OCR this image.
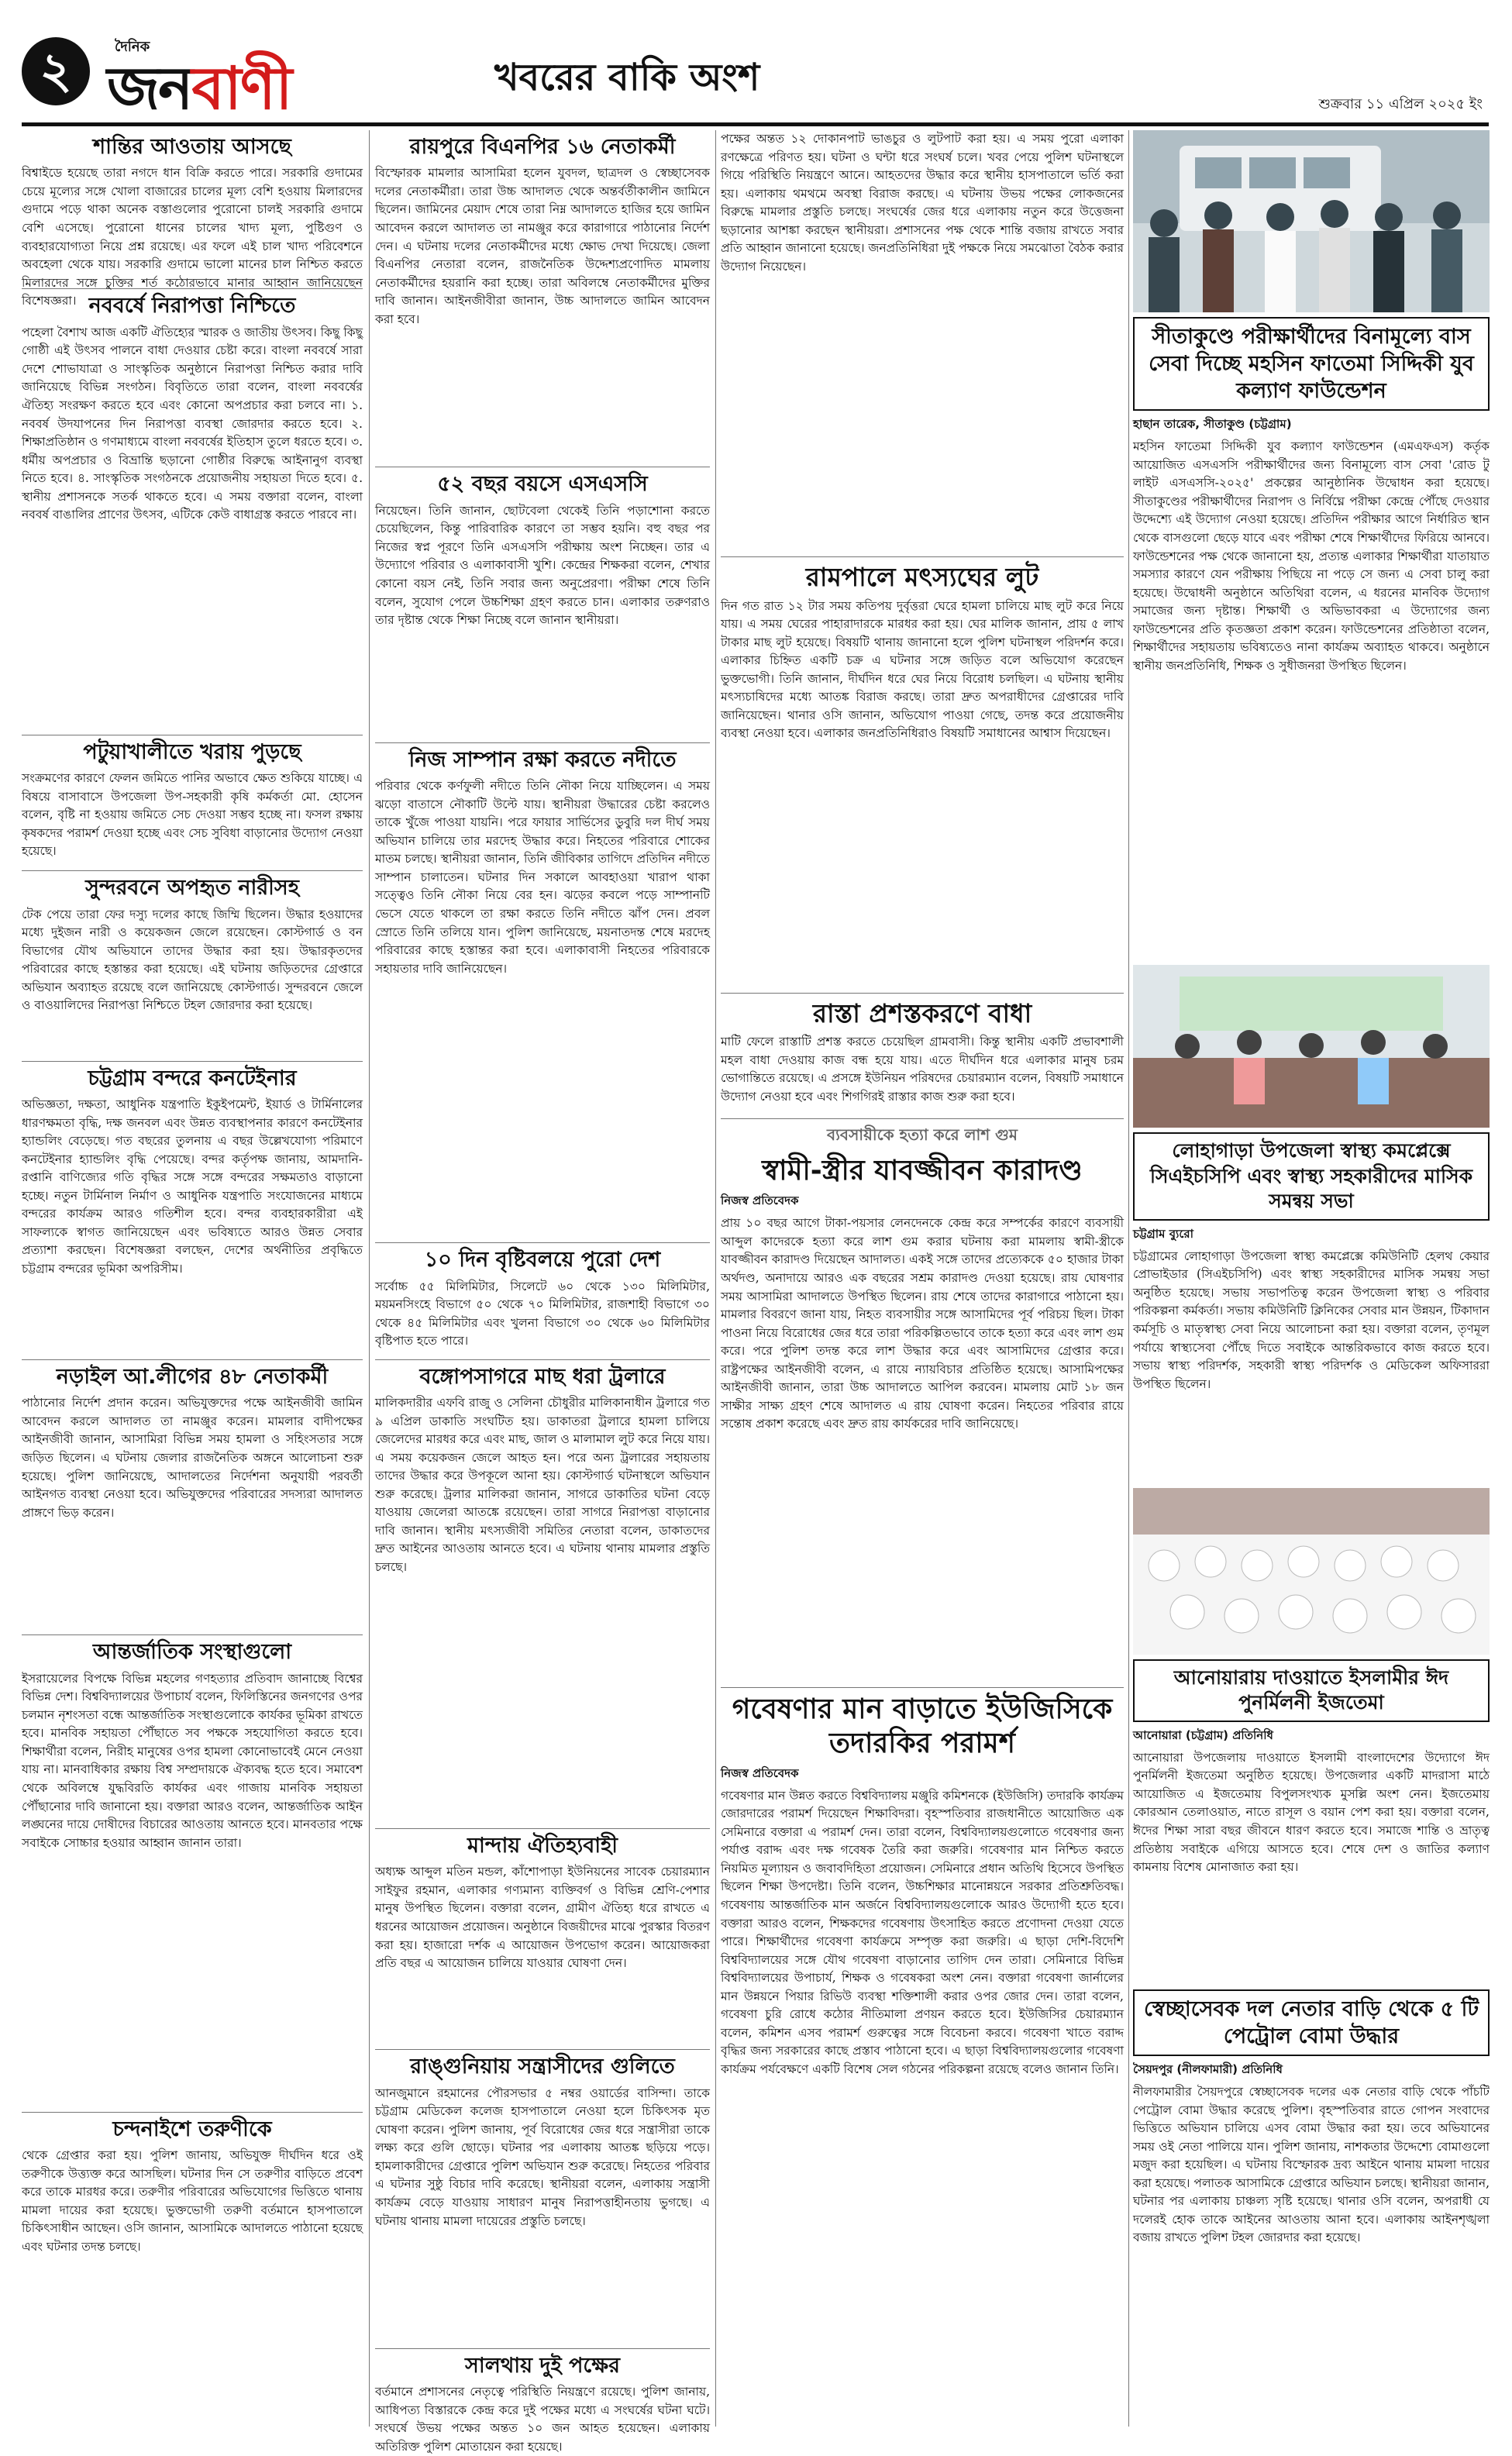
২	দৈনিক
জনবাণী	খবরের বাকি অংশ
শুক্রবার ১১ এপ্রিল ২০২৫ ইং
শান্তির আওতায় আসছে
বিশ্বাইডে হয়েছে তারা নগদে ধান বিক্রি করতে পারে। সরকারি গুদামের চেয়ে মূল্যের সঙ্গে খোলা বাজারের চালের মূল্য বেশি হওয়ায় মিলারদের গুদামে পড়ে থাকা অনেক বস্তাগুলোর পুরোনো চালই সরকারি গুদামে বেশি এসেছে। পুরোনো ধানের চালের খাদ্য মূল্য, পুষ্টিগুণ ও ব্যবহারযোগ্যতা নিয়ে প্রশ্ন রয়েছে। এর ফলে এই চাল খাদ্য পরিবেশনে অবহেলা থেকে যায়। সরকারি গুদামে ভালো মানের চাল নিশ্চিত করতে মিলারদের সঙ্গে চুক্তির শর্ত কঠোরভাবে মানার আহ্বান জানিয়েছেন বিশেষজ্ঞরা। নববর্ষে নিরাপত্তা নিশ্চিতে
পহেলা বৈশাখ আজ একটি ঐতিহ্যের স্মারক ও জাতীয় উৎসব। কিছু কিছু গোষ্ঠী এই উৎসব পালনে বাধা দেওয়ার চেষ্টা করে। বাংলা নববর্ষে সারা দেশে শোভাযাত্রা ও সাংস্কৃতিক অনুষ্ঠানে নিরাপত্তা নিশ্চিত করার দাবি জানিয়েছে বিভিন্ন সংগঠন। বিবৃতিতে তারা বলেন, বাংলা নববর্ষের ঐতিহ্য সংরক্ষণ করতে হবে এবং কোনো অপপ্রচার করা চলবে না। ১. নববর্ষ উদযাপনের দিন নিরাপত্তা ব্যবস্থা জোরদার করতে হবে। ২. শিক্ষাপ্রতিষ্ঠান ও গণমাধ্যমে বাংলা নববর্ষের ইতিহাস তুলে ধরতে হবে। ৩. ধর্মীয় অপপ্রচার ও বিভ্রান্তি ছড়ানো গোষ্ঠীর বিরুদ্ধে আইনানুগ ব্যবস্থা নিতে হবে। ৪. সাংস্কৃতিক সংগঠনকে প্রয়োজনীয় সহায়তা দিতে হবে। ৫. স্থানীয় প্রশাসনকে সতর্ক থাকতে হবে। এ সময় বক্তারা বলেন, বাংলা নববর্ষ বাঙালির প্রাণের উৎসব, এটিকে কেউ বাধাগ্রস্ত করতে পারবে না।
পটুয়াখালীতে খরায় পুড়ছে
সংক্রমণের কারণে ফেলন জমিতে পানির অভাবে ক্ষেত শুকিয়ে যাচ্ছে। এ বিষয়ে বাসাবাসে উপজেলা উপ-সহকারী কৃষি কর্মকর্তা মো. হোসেন বলেন, বৃষ্টি না হওয়ায় জমিতে সেচ দেওয়া সম্ভব হচ্ছে না। ফসল রক্ষায় কৃষকদের পরামর্শ দেওয়া হচ্ছে এবং সেচ সুবিধা বাড়ানোর উদ্যোগ নেওয়া হয়েছে।
সুন্দরবনে অপহৃত নারীসহ
টেক পেয়ে তারা ফের দস্যু দলের কাছে জিম্মি ছিলেন। উদ্ধার হওয়াদের মধ্যে দুইজন নারী ও কয়েকজন জেলে রয়েছেন। কোস্টগার্ড ও বন বিভাগের যৌথ অভিযানে তাদের উদ্ধার করা হয়। উদ্ধারকৃতদের পরিবারের কাছে হস্তান্তর করা হয়েছে। এই ঘটনায় জড়িতদের গ্রেপ্তারে অভিযান অব্যাহত রয়েছে বলে জানিয়েছে কোস্টগার্ড। সুন্দরবনে জেলে ও বাওয়ালিদের নিরাপত্তা নিশ্চিতে টহল জোরদার করা হয়েছে।
চট্টগ্রাম বন্দরে কনটেইনার
অভিজ্ঞতা, দক্ষতা, আধুনিক যন্ত্রপাতি ইকুইপমেন্ট, ইয়ার্ড ও টার্মিনালের ধারণক্ষমতা বৃদ্ধি, দক্ষ জনবল এবং উন্নত ব্যবস্থাপনার কারণে কনটেইনার হ্যান্ডলিং বেড়েছে। গত বছরের তুলনায় এ বছর উল্লেখযোগ্য পরিমাণে কনটেইনার হ্যান্ডলিং বৃদ্ধি পেয়েছে। বন্দর কর্তৃপক্ষ জানায়, আমদানি-রপ্তানি বাণিজ্যের গতি বৃদ্ধির সঙ্গে সঙ্গে বন্দরের সক্ষমতাও বাড়ানো হচ্ছে। নতুন টার্মিনাল নির্মাণ ও আধুনিক যন্ত্রপাতি সংযোজনের মাধ্যমে বন্দরের কার্যক্রম আরও গতিশীল হবে। বন্দর ব্যবহারকারীরা এই সাফল্যকে স্বাগত জানিয়েছেন এবং ভবিষ্যতে আরও উন্নত সেবার প্রত্যাশা করছেন। বিশেষজ্ঞরা বলছেন, দেশের অর্থনীতির প্রবৃদ্ধিতে চট্টগ্রাম বন্দরের ভূমিকা অপরিসীম।
নড়াইল আ.লীগের ৪৮ নেতাকর্মী
পাঠানোর নির্দেশ প্রদান করেন। অভিযুক্তদের পক্ষে আইনজীবী জামিন আবেদন করলে আদালত তা নামঞ্জুর করেন। মামলার বাদীপক্ষের আইনজীবী জানান, আসামিরা বিভিন্ন সময় হামলা ও সহিংসতার সঙ্গে জড়িত ছিলেন। এ ঘটনায় জেলার রাজনৈতিক অঙ্গনে আলোচনা শুরু হয়েছে। পুলিশ জানিয়েছে, আদালতের নির্দেশনা অনুযায়ী পরবর্তী আইনগত ব্যবস্থা নেওয়া হবে। অভিযুক্তদের পরিবারের সদস্যরা আদালত প্রাঙ্গণে ভিড় করেন।
আন্তর্জাতিক সংস্থাগুলো
ইসরায়েলের বিপক্ষে বিভিন্ন মহলের গণহত্যার প্রতিবাদ জানাচ্ছে বিশ্বের বিভিন্ন দেশ। বিশ্ববিদ্যালয়ের উপাচার্য বলেন, ফিলিস্তিনের জনগণের ওপর চলমান নৃশংসতা বন্ধে আন্তর্জাতিক সংস্থাগুলোকে কার্যকর ভূমিকা রাখতে হবে। মানবিক সহায়তা পৌঁছাতে সব পক্ষকে সহযোগিতা করতে হবে। শিক্ষার্থীরা বলেন, নিরীহ মানুষের ওপর হামলা কোনোভাবেই মেনে নেওয়া যায় না। মানবাধিকার রক্ষায় বিশ্ব সম্প্রদায়কে ঐক্যবদ্ধ হতে হবে। সমাবেশ থেকে অবিলম্বে যুদ্ধবিরতি কার্যকর এবং গাজায় মানবিক সহায়তা পৌঁছানোর দাবি জানানো হয়। বক্তারা আরও বলেন, আন্তর্জাতিক আইন লঙ্ঘনের দায়ে দোষীদের বিচারের আওতায় আনতে হবে। মানবতার পক্ষে সবাইকে সোচ্চার হওয়ার আহ্বান জানান তারা।
চন্দনাইশে তরুণীকে
থেকে গ্রেপ্তার করা হয়। পুলিশ জানায়, অভিযুক্ত দীর্ঘদিন ধরে ওই তরুণীকে উত্ত্যক্ত করে আসছিল। ঘটনার দিন সে তরুণীর বাড়িতে প্রবেশ করে তাকে মারধর করে। তরুণীর পরিবারের অভিযোগের ভিত্তিতে থানায় মামলা দায়ের করা হয়েছে। ভুক্তভোগী তরুণী বর্তমানে হাসপাতালে চিকিৎসাধীন আছেন। ওসি জানান, আসামিকে আদালতে পাঠানো হয়েছে এবং ঘটনার তদন্ত চলছে।
রায়পুরে বিএনপির ১৬ নেতাকর্মী
বিস্ফোরক মামলার আসামিরা হলেন যুবদল, ছাত্রদল ও স্বেচ্ছাসেবক দলের নেতাকর্মীরা। তারা উচ্চ আদালত থেকে অন্তর্বর্তীকালীন জামিনে ছিলেন। জামিনের মেয়াদ শেষে তারা নিম্ন আদালতে হাজির হয়ে জামিন আবেদন করলে আদালত তা নামঞ্জুর করে কারাগারে পাঠানোর নির্দেশ দেন। এ ঘটনায় দলের নেতাকর্মীদের মধ্যে ক্ষোভ দেখা দিয়েছে। জেলা বিএনপির নেতারা বলেন, রাজনৈতিক উদ্দেশ্যপ্রণোদিত মামলায় নেতাকর্মীদের হয়রানি করা হচ্ছে। তারা অবিলম্বে নেতাকর্মীদের মুক্তির দাবি জানান। আইনজীবীরা জানান, উচ্চ আদালতে জামিন আবেদন করা হবে।
৫২ বছর বয়সে এসএসসি
নিয়েছেন। তিনি জানান, ছোটবেলা থেকেই তিনি পড়াশোনা করতে চেয়েছিলেন, কিন্তু পারিবারিক কারণে তা সম্ভব হয়নি। বহু বছর পর নিজের স্বপ্ন পূরণে তিনি এসএসসি পরীক্ষায় অংশ নিচ্ছেন। তার এ উদ্যোগে পরিবার ও এলাকাবাসী খুশি। কেন্দ্রের শিক্ষকরা বলেন, শেখার কোনো বয়স নেই, তিনি সবার জন্য অনুপ্রেরণা। পরীক্ষা শেষে তিনি বলেন, সুযোগ পেলে উচ্চশিক্ষা গ্রহণ করতে চান। এলাকার তরুণরাও তার দৃষ্টান্ত থেকে শিক্ষা নিচ্ছে বলে জানান স্থানীয়রা।
নিজ সাম্পান রক্ষা করতে নদীতে
পরিবার থেকে কর্ণফুলী নদীতে তিনি নৌকা নিয়ে যাচ্ছিলেন। এ সময় ঝড়ো বাতাসে নৌকাটি উল্টে যায়। স্থানীয়রা উদ্ধারের চেষ্টা করলেও তাকে খুঁজে পাওয়া যায়নি। পরে ফায়ার সার্ভিসের ডুবুরি দল দীর্ঘ সময় অভিযান চালিয়ে তার মরদেহ উদ্ধার করে। নিহতের পরিবারে শোকের মাতম চলছে। স্থানীয়রা জানান, তিনি জীবিকার তাগিদে প্রতিদিন নদীতে সাম্পান চালাতেন। ঘটনার দিন সকালে আবহাওয়া খারাপ থাকা সত্ত্বেও তিনি নৌকা নিয়ে বের হন। ঝড়ের কবলে পড়ে সাম্পানটি ভেসে যেতে থাকলে তা রক্ষা করতে তিনি নদীতে ঝাঁপ দেন। প্রবল স্রোতে তিনি তলিয়ে যান। পুলিশ জানিয়েছে, ময়নাতদন্ত শেষে মরদেহ পরিবারের কাছে হস্তান্তর করা হবে। এলাকাবাসী নিহতের পরিবারকে সহায়তার দাবি জানিয়েছেন।
১০ দিন বৃষ্টিবলয়ে পুরো দেশ
সর্বোচ্চ ৫৫ মিলিমিটার, সিলেটে ৬০ থেকে ১৩০ মিলিমিটার, ময়মনসিংহে বিভাগে ৫০ থেকে ৭০ মিলিমিটার, রাজশাহী বিভাগে ৩০ থেকে ৪৫ মিলিমিটার এবং খুলনা বিভাগে ৩০ থেকে ৬০ মিলিমিটার বৃষ্টিপাত হতে পারে।
বঙ্গোপসাগরে মাছ ধরা ট্রলারে
মালিকদারীর এফবি রাজু ও সেলিনা চৌধুরীর মালিকানাধীন ট্রলারে গত ৯ এপ্রিল ডাকাতি সংঘটিত হয়। ডাকাতরা ট্রলারে হামলা চালিয়ে জেলেদের মারধর করে এবং মাছ, জাল ও মালামাল লুট করে নিয়ে যায়। এ সময় কয়েকজন জেলে আহত হন। পরে অন্য ট্রলারের সহায়তায় তাদের উদ্ধার করে উপকূলে আনা হয়। কোস্টগার্ড ঘটনাস্থলে অভিযান শুরু করেছে। ট্রলার মালিকরা জানান, সাগরে ডাকাতির ঘটনা বেড়ে যাওয়ায় জেলেরা আতঙ্কে রয়েছেন। তারা সাগরে নিরাপত্তা বাড়ানোর দাবি জানান। স্থানীয় মৎস্যজীবী সমিতির নেতারা বলেন, ডাকাতদের দ্রুত আইনের আওতায় আনতে হবে। এ ঘটনায় থানায় মামলার প্রস্তুতি চলছে।
মান্দায় ঐতিহ্যবাহী
অধ্যক্ষ আব্দুল মতিন মন্ডল, কাঁশোপাড়া ইউনিয়নের সাবেক চেয়ারম্যান সাইফুর রহমান, এলাকার গণ্যমান্য ব্যক্তিবর্গ ও বিভিন্ন শ্রেণি-পেশার মানুষ উপস্থিত ছিলেন। বক্তারা বলেন, গ্রামীণ ঐতিহ্য ধরে রাখতে এ ধরনের আয়োজন প্রয়োজন। অনুষ্ঠানে বিজয়ীদের মাঝে পুরস্কার বিতরণ করা হয়। হাজারো দর্শক এ আয়োজন উপভোগ করেন। আয়োজকরা প্রতি বছর এ আয়োজন চালিয়ে যাওয়ার ঘোষণা দেন।
রাঙ্গুনিয়ায় সন্ত্রাসীদের গুলিতে
আনজুমানে রহমানের পৌরসভার ৫ নম্বর ওয়ার্ডের বাসিন্দা। তাকে চট্টগ্রাম মেডিকেল কলেজ হাসপাতালে নেওয়া হলে চিকিৎসক মৃত ঘোষণা করেন। পুলিশ জানায়, পূর্ব বিরোধের জের ধরে সন্ত্রাসীরা তাকে লক্ষ্য করে গুলি ছোড়ে। ঘটনার পর এলাকায় আতঙ্ক ছড়িয়ে পড়ে। হামলাকারীদের গ্রেপ্তারে পুলিশ অভিযান শুরু করেছে। নিহতের পরিবার এ ঘটনার সুষ্ঠু বিচার দাবি করেছে। স্থানীয়রা বলেন, এলাকায় সন্ত্রাসী কার্যক্রম বেড়ে যাওয়ায় সাধারণ মানুষ নিরাপত্তাহীনতায় ভুগছে। এ ঘটনায় থানায় মামলা দায়েরের প্রস্তুতি চলছে।
সালথায় দুই পক্ষের
বর্তমানে প্রশাসনের নেতৃত্বে পরিস্থিতি নিয়ন্ত্রণে রয়েছে। পুলিশ জানায়, আধিপত্য বিস্তারকে কেন্দ্র করে দুই পক্ষের মধ্যে এ সংঘর্ষের ঘটনা ঘটে। সংঘর্ষে উভয় পক্ষের অন্তত ১০ জন আহত হয়েছেন। এলাকায় অতিরিক্ত পুলিশ মোতায়েন করা হয়েছে।
পক্ষের অন্তত ১২ দোকানপাট ভাঙচুর ও লুটপাট করা হয়। এ সময় পুরো এলাকা রণক্ষেত্রে পরিণত হয়। ঘটনা ও ঘন্টা ধরে সংঘর্ষ চলে। খবর পেয়ে পুলিশ ঘটনাস্থলে গিয়ে পরিস্থিতি নিয়ন্ত্রণে আনে। আহতদের উদ্ধার করে স্থানীয় হাসপাতালে ভর্তি করা হয়। এলাকায় থমথমে অবস্থা বিরাজ করছে। এ ঘটনায় উভয় পক্ষের লোকজনের বিরুদ্ধে মামলার প্রস্তুতি চলছে। সংঘর্ষের জের ধরে এলাকায় নতুন করে উত্তেজনা ছড়ানোর আশঙ্কা করছেন স্থানীয়রা। প্রশাসনের পক্ষ থেকে শান্তি বজায় রাখতে সবার প্রতি আহ্বান জানানো হয়েছে। জনপ্রতিনিধিরা দুই পক্ষকে নিয়ে সমঝোতা বৈঠক করার উদ্যোগ নিয়েছেন।
রামপালে মৎস্যঘের লুট
দিন গত রাত ১২ টার সময় কতিপয় দুর্বৃত্তরা ঘেরে হামলা চালিয়ে মাছ লুট করে নিয়ে যায়। এ সময় ঘেরের পাহারাদারকে মারধর করা হয়। ঘের মালিক জানান, প্রায় ৫ লাখ টাকার মাছ লুট হয়েছে। বিষয়টি থানায় জানানো হলে পুলিশ ঘটনাস্থল পরিদর্শন করে। এলাকার চিহ্নিত একটি চক্র এ ঘটনার সঙ্গে জড়িত বলে অভিযোগ করেছেন ভুক্তভোগী। তিনি জানান, দীর্ঘদিন ধরে ঘের নিয়ে বিরোধ চলছিল। এ ঘটনায় স্থানীয় মৎস্যচাষিদের মধ্যে আতঙ্ক বিরাজ করছে। তারা দ্রুত অপরাধীদের গ্রেপ্তারের দাবি জানিয়েছেন। থানার ওসি জানান, অভিযোগ পাওয়া গেছে, তদন্ত করে প্রয়োজনীয় ব্যবস্থা নেওয়া হবে। এলাকার জনপ্রতিনিধিরাও বিষয়টি সমাধানের আশ্বাস দিয়েছেন।
রাস্তা প্রশস্তকরণে বাধা
মাটি ফেলে রাস্তাটি প্রশস্ত করতে চেয়েছিল গ্রামবাসী। কিন্তু স্থানীয় একটি প্রভাবশালী মহল বাধা দেওয়ায় কাজ বন্ধ হয়ে যায়। এতে দীর্ঘদিন ধরে এলাকার মানুষ চরম ভোগান্তিতে রয়েছে। এ প্রসঙ্গে ইউনিয়ন পরিষদের চেয়ারম্যান বলেন, বিষয়টি সমাধানে উদ্যোগ নেওয়া হবে এবং শিগগিরই রাস্তার কাজ শুরু করা হবে।
ব্যবসায়ীকে হত্যা করে লাশ গুম
স্বামী-স্ত্রীর যাবজ্জীবন কারাদণ্ড
নিজস্ব প্রতিবেদক
প্রায় ১০ বছর আগে টাকা-পয়সার লেনদেনকে কেন্দ্র করে সম্পর্কের কারণে ব্যবসায়ী আব্দুল কাদেরকে হত্যা করে লাশ গুম করার ঘটনায় করা মামলায় স্বামী-স্ত্রীকে যাবজ্জীবন কারাদণ্ড দিয়েছেন আদালত। একই সঙ্গে তাদের প্রত্যেককে ৫০ হাজার টাকা অর্থদণ্ড, অনাদায়ে আরও এক বছরের সশ্রম কারাদণ্ড দেওয়া হয়েছে। রায় ঘোষণার সময় আসামিরা আদালতে উপস্থিত ছিলেন। রায় শেষে তাদের কারাগারে পাঠানো হয়। মামলার বিবরণে জানা যায়, নিহত ব্যবসায়ীর সঙ্গে আসামিদের পূর্ব পরিচয় ছিল। টাকা পাওনা নিয়ে বিরোধের জের ধরে তারা পরিকল্পিতভাবে তাকে হত্যা করে এবং লাশ গুম করে। পরে পুলিশ তদন্ত করে লাশ উদ্ধার করে এবং আসামিদের গ্রেপ্তার করে। রাষ্ট্রপক্ষের আইনজীবী বলেন, এ রায়ে ন্যায়বিচার প্রতিষ্ঠিত হয়েছে। আসামিপক্ষের আইনজীবী জানান, তারা উচ্চ আদালতে আপিল করবেন। মামলায় মোট ১৮ জন সাক্ষীর সাক্ষ্য গ্রহণ শেষে আদালত এ রায় ঘোষণা করেন। নিহতের পরিবার রায়ে সন্তোষ প্রকাশ করেছে এবং দ্রুত রায় কার্যকরের দাবি জানিয়েছে।
গবেষণার মান বাড়াতে ইউজিসিকে তদারকির পরামর্শ
নিজস্ব প্রতিবেদক
গবেষণার মান উন্নত করতে বিশ্ববিদ্যালয় মঞ্জুরি কমিশনকে (ইউজিসি) তদারকি কার্যক্রম জোরদারের পরামর্শ দিয়েছেন শিক্ষাবিদরা। বৃহস্পতিবার রাজধানীতে আয়োজিত এক সেমিনারে বক্তারা এ পরামর্শ দেন। তারা বলেন, বিশ্ববিদ্যালয়গুলোতে গবেষণার জন্য পর্যাপ্ত বরাদ্দ এবং দক্ষ গবেষক তৈরি করা জরুরি। গবেষণার মান নিশ্চিত করতে নিয়মিত মূল্যায়ন ও জবাবদিহিতা প্রয়োজন। সেমিনারে প্রধান অতিথি হিসেবে উপস্থিত ছিলেন শিক্ষা উপদেষ্টা। তিনি বলেন, উচ্চশিক্ষার মানোন্নয়নে সরকার প্রতিশ্রুতিবদ্ধ। গবেষণায় আন্তর্জাতিক মান অর্জনে বিশ্ববিদ্যালয়গুলোকে আরও উদ্যোগী হতে হবে। বক্তারা আরও বলেন, শিক্ষকদের গবেষণায় উৎসাহিত করতে প্রণোদনা দেওয়া যেতে পারে। শিক্ষার্থীদের গবেষণা কার্যক্রমে সম্পৃক্ত করা জরুরি। এ ছাড়া দেশি-বিদেশি বিশ্ববিদ্যালয়ের সঙ্গে যৌথ গবেষণা বাড়ানোর তাগিদ দেন তারা। সেমিনারে বিভিন্ন বিশ্ববিদ্যালয়ের উপাচার্য, শিক্ষক ও গবেষকরা অংশ নেন। বক্তারা গবেষণা জার্নালের মান উন্নয়নে পিয়ার রিভিউ ব্যবস্থা শক্তিশালী করার ওপর জোর দেন। তারা বলেন, গবেষণা চুরি রোধে কঠোর নীতিমালা প্রণয়ন করতে হবে। ইউজিসির চেয়ারম্যান বলেন, কমিশন এসব পরামর্শ গুরুত্বের সঙ্গে বিবেচনা করবে। গবেষণা খাতে বরাদ্দ বৃদ্ধির জন্য সরকারের কাছে প্রস্তাব পাঠানো হবে। এ ছাড়া বিশ্ববিদ্যালয়গুলোর গবেষণা কার্যক্রম পর্যবেক্ষণে একটি বিশেষ সেল গঠনের পরিকল্পনা রয়েছে বলেও জানান তিনি।
সীতাকুণ্ডে পরীক্ষার্থীদের বিনামূল্যে বাস সেবা দিচ্ছে মহসিন ফাতেমা সিদ্দিকী যুব কল্যাণ ফাউন্ডেশন
হাছান তারেক, সীতাকুণ্ড (চট্টগ্রাম)
মহসিন ফাতেমা সিদ্দিকী যুব কল্যাণ ফাউন্ডেশন (এমএফএস) কর্তৃক আয়োজিত এসএসসি পরীক্ষার্থীদের জন্য বিনামূল্যে বাস সেবা 'রোড টু লাইট এসএসসি-২০২৫' প্রকল্পের আনুষ্ঠানিক উদ্বোধন করা হয়েছে। সীতাকুণ্ডের পরীক্ষার্থীদের নিরাপদ ও নির্বিঘ্নে পরীক্ষা কেন্দ্রে পৌঁছে দেওয়ার উদ্দেশ্যে এই উদ্যোগ নেওয়া হয়েছে। প্রতিদিন পরীক্ষার আগে নির্ধারিত স্থান থেকে বাসগুলো ছেড়ে যাবে এবং পরীক্ষা শেষে শিক্ষার্থীদের ফিরিয়ে আনবে। ফাউন্ডেশনের পক্ষ থেকে জানানো হয়, প্রত্যন্ত এলাকার শিক্ষার্থীরা যাতায়াত সমস্যার কারণে যেন পরীক্ষায় পিছিয়ে না পড়ে সে জন্য এ সেবা চালু করা হয়েছে। উদ্বোধনী অনুষ্ঠানে অতিথিরা বলেন, এ ধরনের মানবিক উদ্যোগ সমাজের জন্য দৃষ্টান্ত। শিক্ষার্থী ও অভিভাবকরা এ উদ্যোগের জন্য ফাউন্ডেশনের প্রতি কৃতজ্ঞতা প্রকাশ করেন। ফাউন্ডেশনের প্রতিষ্ঠাতা বলেন, শিক্ষার্থীদের সহায়তায় ভবিষ্যতেও নানা কার্যক্রম অব্যাহত থাকবে। অনুষ্ঠানে স্থানীয় জনপ্রতিনিধি, শিক্ষক ও সুধীজনরা উপস্থিত ছিলেন।
লোহাগাড়া উপজেলা স্বাস্থ্য কমপ্লেক্সে সিএইচসিপি এবং স্বাস্থ্য সহকারীদের মাসিক সমন্বয় সভা
চট্টগ্রাম ব্যুরো
চট্টগ্রামের লোহাগাড়া উপজেলা স্বাস্থ্য কমপ্লেক্সে কমিউনিটি হেলথ কেয়ার প্রোভাইডার (সিএইচসিপি) এবং স্বাস্থ্য সহকারীদের মাসিক সমন্বয় সভা অনুষ্ঠিত হয়েছে। সভায় সভাপতিত্ব করেন উপজেলা স্বাস্থ্য ও পরিবার পরিকল্পনা কর্মকর্তা। সভায় কমিউনিটি ক্লিনিকের সেবার মান উন্নয়ন, টিকাদান কর্মসূচি ও মাতৃস্বাস্থ্য সেবা নিয়ে আলোচনা করা হয়। বক্তারা বলেন, তৃণমূল পর্যায়ে স্বাস্থ্যসেবা পৌঁছে দিতে সবাইকে আন্তরিকভাবে কাজ করতে হবে। সভায় স্বাস্থ্য পরিদর্শক, সহকারী স্বাস্থ্য পরিদর্শক ও মেডিকেল অফিসাররা উপস্থিত ছিলেন।
আনোয়ারায় দাওয়াতে ইসলামীর ঈদ পুনর্মিলনী ইজতেমা
আনোয়ারা (চট্টগ্রাম) প্রতিনিধি
আনোয়ারা উপজেলায় দাওয়াতে ইসলামী বাংলাদেশের উদ্যোগে ঈদ পুনর্মিলনী ইজতেমা অনুষ্ঠিত হয়েছে। উপজেলার একটি মাদরাসা মাঠে আয়োজিত এ ইজতেমায় বিপুলসংখ্যক মুসল্লি অংশ নেন। ইজতেমায় কোরআন তেলাওয়াত, নাতে রাসূল ও বয়ান পেশ করা হয়। বক্তারা বলেন, ঈদের শিক্ষা সারা বছর জীবনে ধারণ করতে হবে। সমাজে শান্তি ও ভ্রাতৃত্ব প্রতিষ্ঠায় সবাইকে এগিয়ে আসতে হবে। শেষে দেশ ও জাতির কল্যাণ কামনায় বিশেষ মোনাজাত করা হয়।
স্বেচ্ছাসেবক দল নেতার বাড়ি থেকে ৫ টি পেট্রোল বোমা উদ্ধার
সৈয়দপুর (নীলফামারী) প্রতিনিধি
নীলফামারীর সৈয়দপুরে স্বেচ্ছাসেবক দলের এক নেতার বাড়ি থেকে পাঁচটি পেট্রোল বোমা উদ্ধার করেছে পুলিশ। বৃহস্পতিবার রাতে গোপন সংবাদের ভিত্তিতে অভিযান চালিয়ে এসব বোমা উদ্ধার করা হয়। তবে অভিযানের সময় ওই নেতা পালিয়ে যান। পুলিশ জানায়, নাশকতার উদ্দেশ্যে বোমাগুলো মজুদ করা হয়েছিল। এ ঘটনায় বিস্ফোরক দ্রব্য আইনে থানায় মামলা দায়ের করা হয়েছে। পলাতক আসামিকে গ্রেপ্তারে অভিযান চলছে। স্থানীয়রা জানান, ঘটনার পর এলাকায় চাঞ্চল্য সৃষ্টি হয়েছে। থানার ওসি বলেন, অপরাধী যে দলেরই হোক তাকে আইনের আওতায় আনা হবে। এলাকায় আইনশৃঙ্খলা বজায় রাখতে পুলিশ টহল জোরদার করা হয়েছে।
